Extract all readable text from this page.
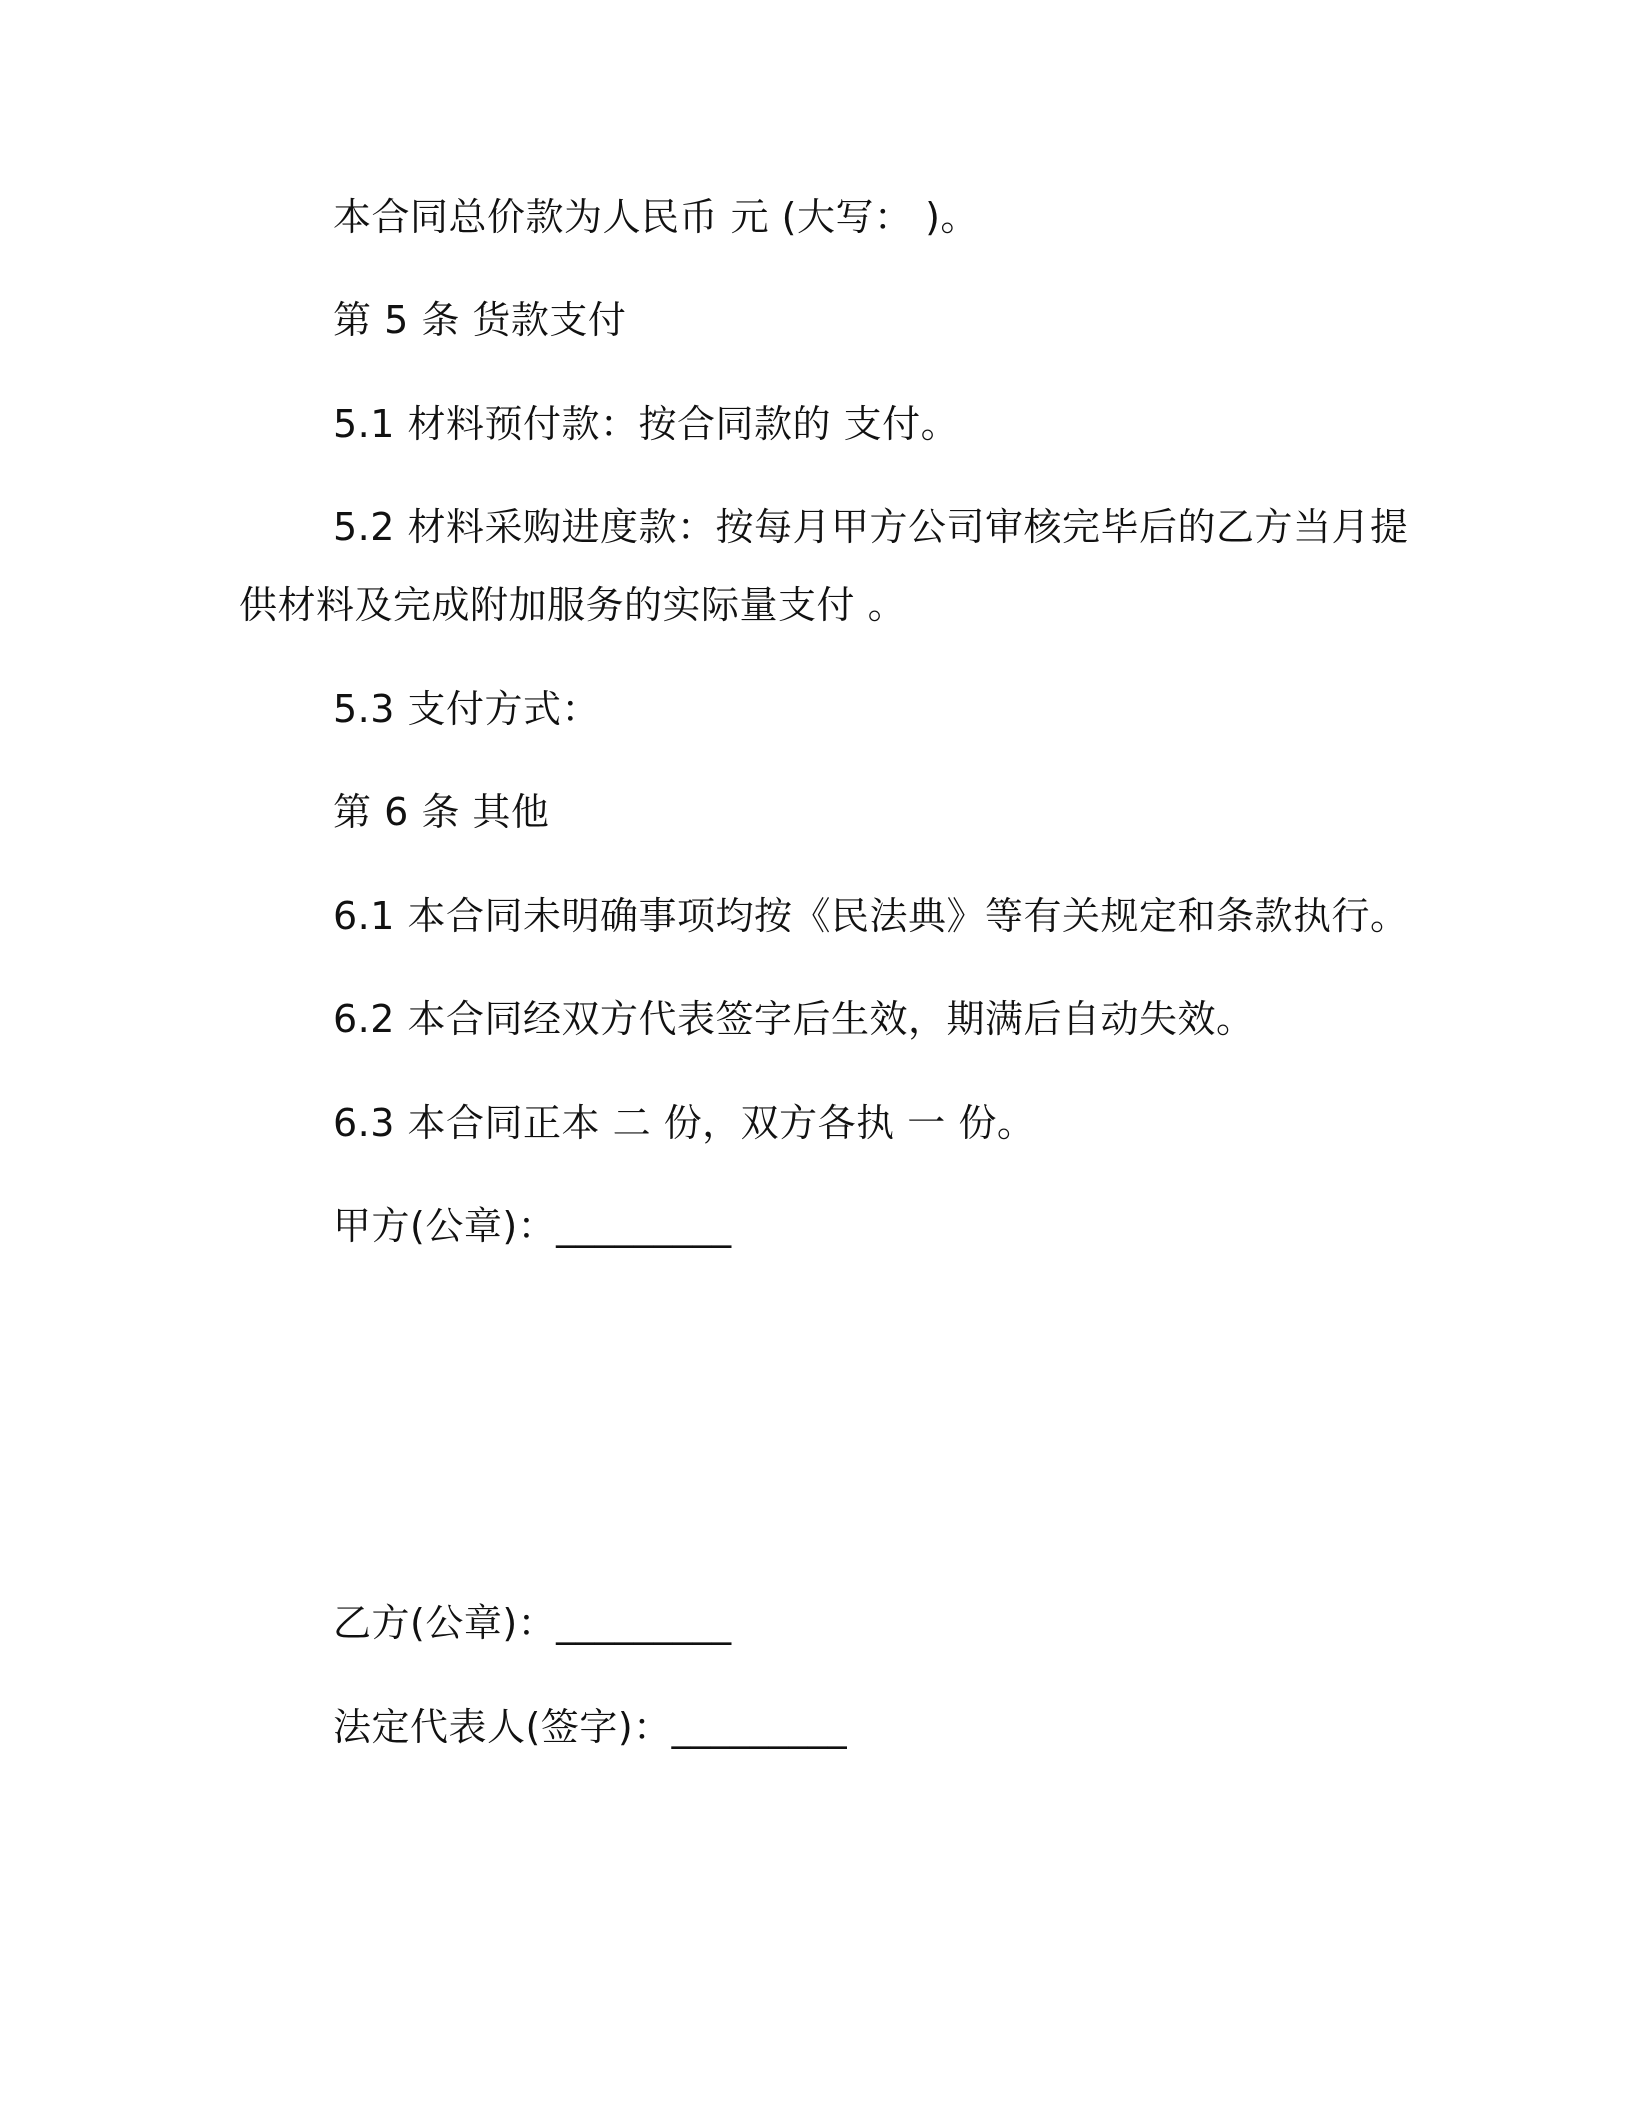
本合同总价款为人民币 元 (大写： )。
第 5 条 货款支付
5.1 材料预付款：按合同款的 支付。
5.2 材料采购进度款：按每月甲方公司审核完毕后的乙方当月提
供材料及完成附加服务的实际量支付 。
5.3 支付方式：
第 6 条 其他
6.1 本合同未明确事项均按《民法典》等有关规定和条款执行。
6.2 本合同经双方代表签字后生效，期满后自动失效。
6.3 本合同正本 二 份，双方各执 一 份。
甲方(公章)：_________
乙方(公章)：_________
法定代表人(签字)：_________
